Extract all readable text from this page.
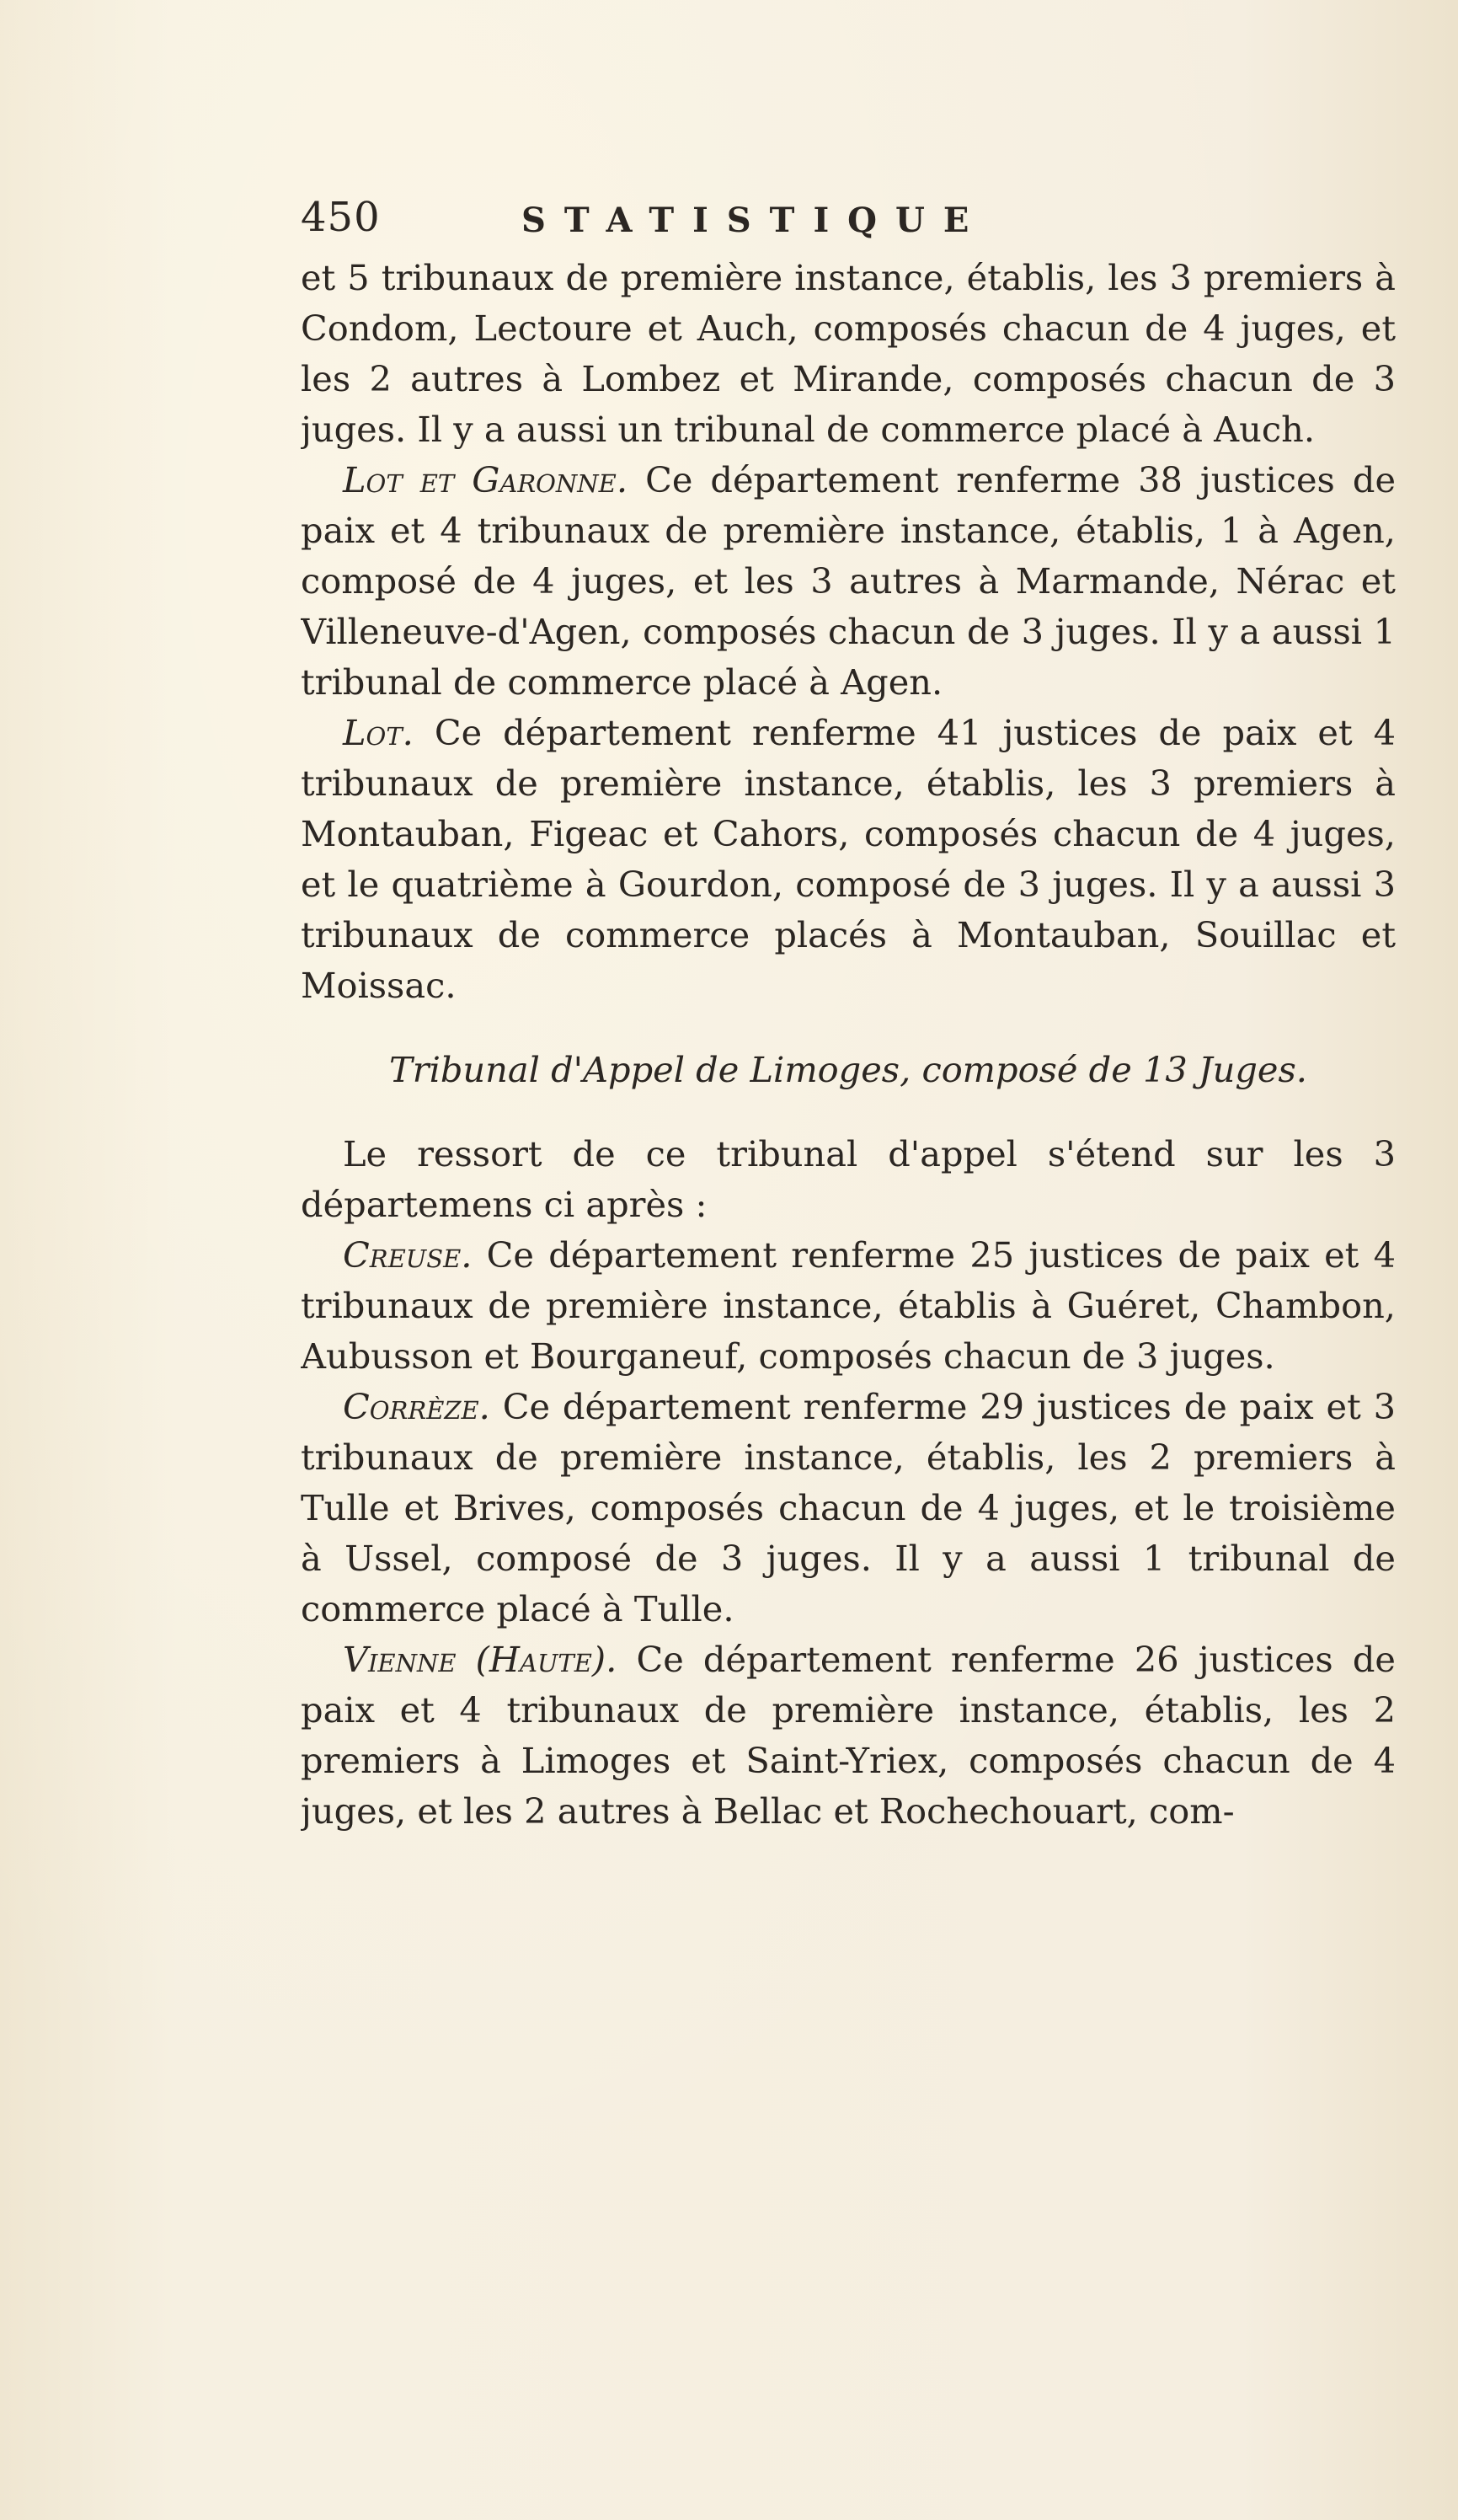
450	STATISTIQUE

et 5 tribunaux de première instance, établis, les 3 premiers à Condom, Lectoure et Auch, composés chacun de 4 juges, et les 2 autres à Lombez et Mirande, composés chacun de 3 juges. Il y a aussi un tribunal de commerce placé à Auch.

Lot et Garonne. Ce département renferme 38 justices de paix et 4 tribunaux de première instance, établis, 1 à Agen, composé de 4 juges, et les 3 autres à Marmande, Nérac et Villeneuve-d'Agen, composés chacun de 3 juges. Il y a aussi 1 tribunal de commerce placé à Agen.

Lot. Ce département renferme 41 justices de paix et 4 tribunaux de première instance, établis, les 3 premiers à Montauban, Figeac et Cahors, composés chacun de 4 juges, et le quatrième à Gourdon, composé de 3 juges. Il y a aussi 3 tribunaux de commerce placés à Montauban, Souillac et Moissac.

Tribunal d'Appel de Limoges, composé de 13 Juges.

Le ressort de ce tribunal d'appel s'étend sur les 3 départemens ci après :

Creuse. Ce département renferme 25 justices de paix et 4 tribunaux de première instance, établis à Guéret, Chambon, Aubusson et Bourganeuf, composés chacun de 3 juges.

Corrèze. Ce département renferme 29 justices de paix et 3 tribunaux de première instance, établis, les 2 premiers à Tulle et Brives, composés chacun de 4 juges, et le troisième à Ussel, composé de 3 juges. Il y a aussi 1 tribunal de commerce placé à Tulle.

Vienne (Haute). Ce département renferme 26 justices de paix et 4 tribunaux de première instance, établis, les 2 premiers à Limoges et Saint-Yriex, composés chacun de 4 juges, et les 2 autres à Bellac et Rochechouart, com-
